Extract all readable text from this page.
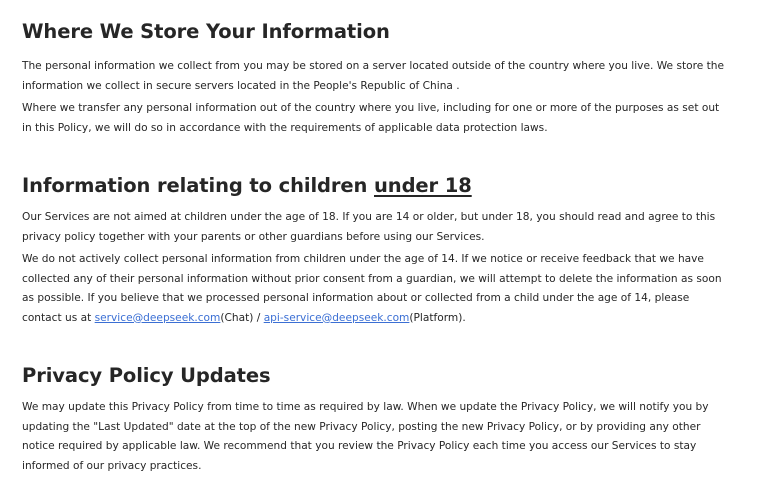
Where We Store Your Information

The personal information we collect from you may be stored on a server located outside of the country where you live. We store the information we collect in secure servers located in the People's Republic of China .

Where we transfer any personal information out of the country where you live, including for one or more of the purposes as set out in this Policy, we will do so in accordance with the requirements of applicable data protection laws.

Information relating to children under 18

Our Services are not aimed at children under the age of 18. If you are 14 or older, but under 18, you should read and agree to this privacy policy together with your parents or other guardians before using our Services.

We do not actively collect personal information from children under the age of 14. If we notice or receive feedback that we have collected any of their personal information without prior consent from a guardian, we will attempt to delete the information as soon as possible. If you believe that we processed personal information about or collected from a child under the age of 14, please contact us at service@deepseek.com(Chat) / api-service@deepseek.com(Platform).

Privacy Policy Updates

We may update this Privacy Policy from time to time as required by law. When we update the Privacy Policy, we will notify you by updating the "Last Updated" date at the top of the new Privacy Policy, posting the new Privacy Policy, or by providing any other notice required by applicable law. We recommend that you review the Privacy Policy each time you access our Services to stay informed of our privacy practices.
